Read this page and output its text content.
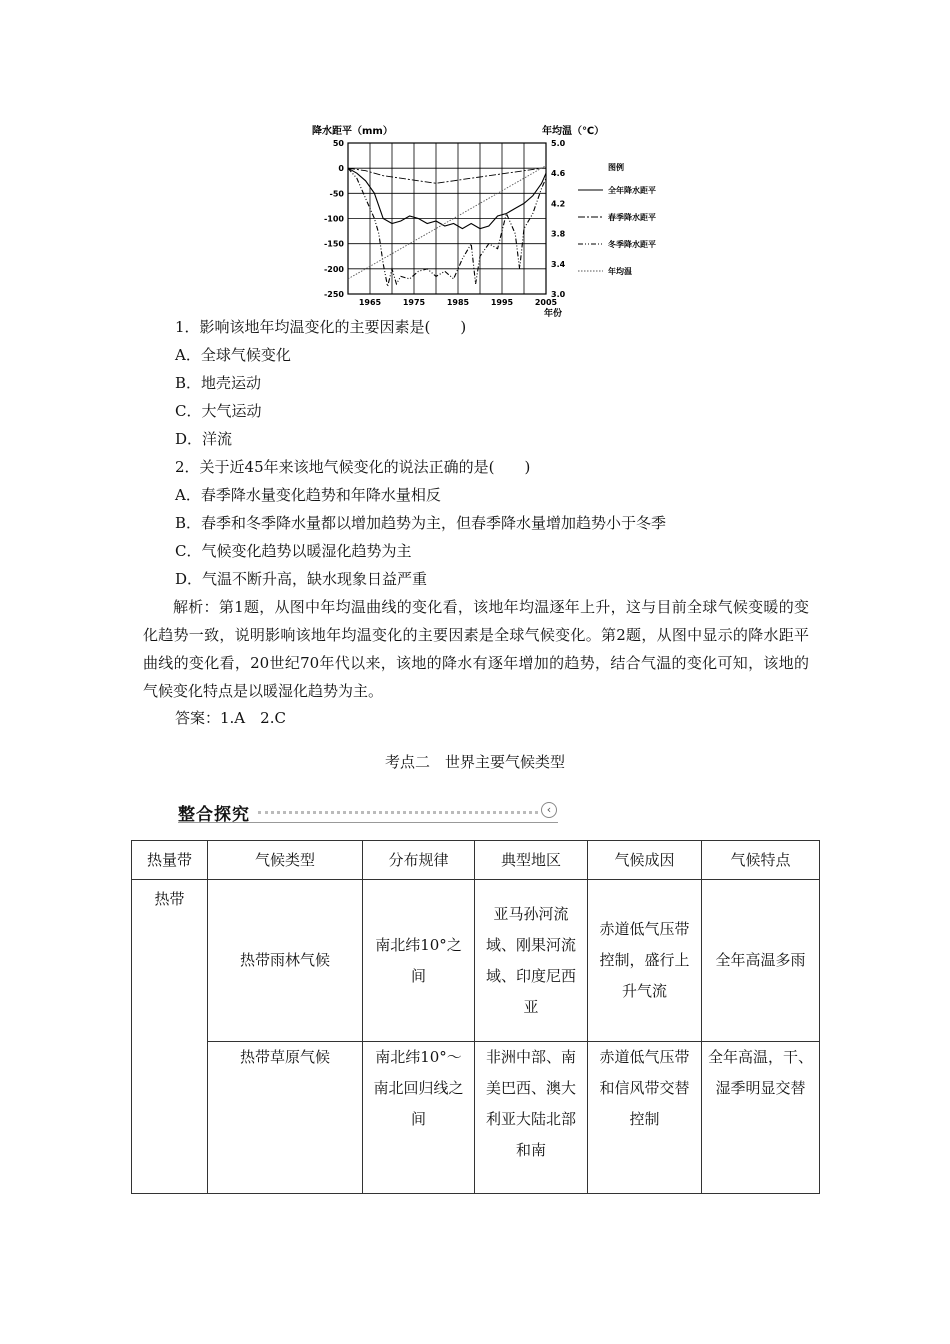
50
0
-50
-100
-150
-200
-250
5.0
4.6
4.2
3.8
3.4
3.0
1965	1975	1985	1995	2005
图例
全年降水距平
春季降水距平
冬季降水距平
年均温
降水距平（mm）	年均温（℃）
年份
1．影响该地年均温变化的主要因素是(　　)
A．全球气候变化
B．地壳运动
C．大气运动
D．洋流
2．关于近45年来该地气候变化的说法正确的是(　　)
A．春季降水量变化趋势和年降水量相反
B．春季和冬季降水量都以增加趋势为主，但春季降水量增加趋势小于冬季
C．气候变化趋势以暖湿化趋势为主
D．气温不断升高，缺水现象日益严重
解析：第1题，从图中年均温曲线的变化看，该地年均温逐年上升，这与目前全球气候变暖的变化趋势一致，说明影响该地年均温变化的主要因素是全球气候变化。第2题，从图中显示的降水距平曲线的变化看，20世纪70年代以来，该地的降水有逐年增加的趋势，结合气温的变化可知，该地的气候变化特点是以暖湿化趋势为主。
答案：1.A　2.C
考点二　世界主要气候类型
整合探究	‹
热量带	气候类型	分布规律	典型地区	气候成因	气候特点
热带	热带雨林气候	南北纬10°之间	亚马孙河流域、刚果河流域、印度尼西亚	赤道低气压带控制，盛行上升气流	全年高温多雨
	热带草原气候	南北纬10°～南北回归线之间	非洲中部、南美巴西、澳大利亚大陆北部和南	赤道低气压带和信风带交替控制	全年高温，干、湿季明显交替
